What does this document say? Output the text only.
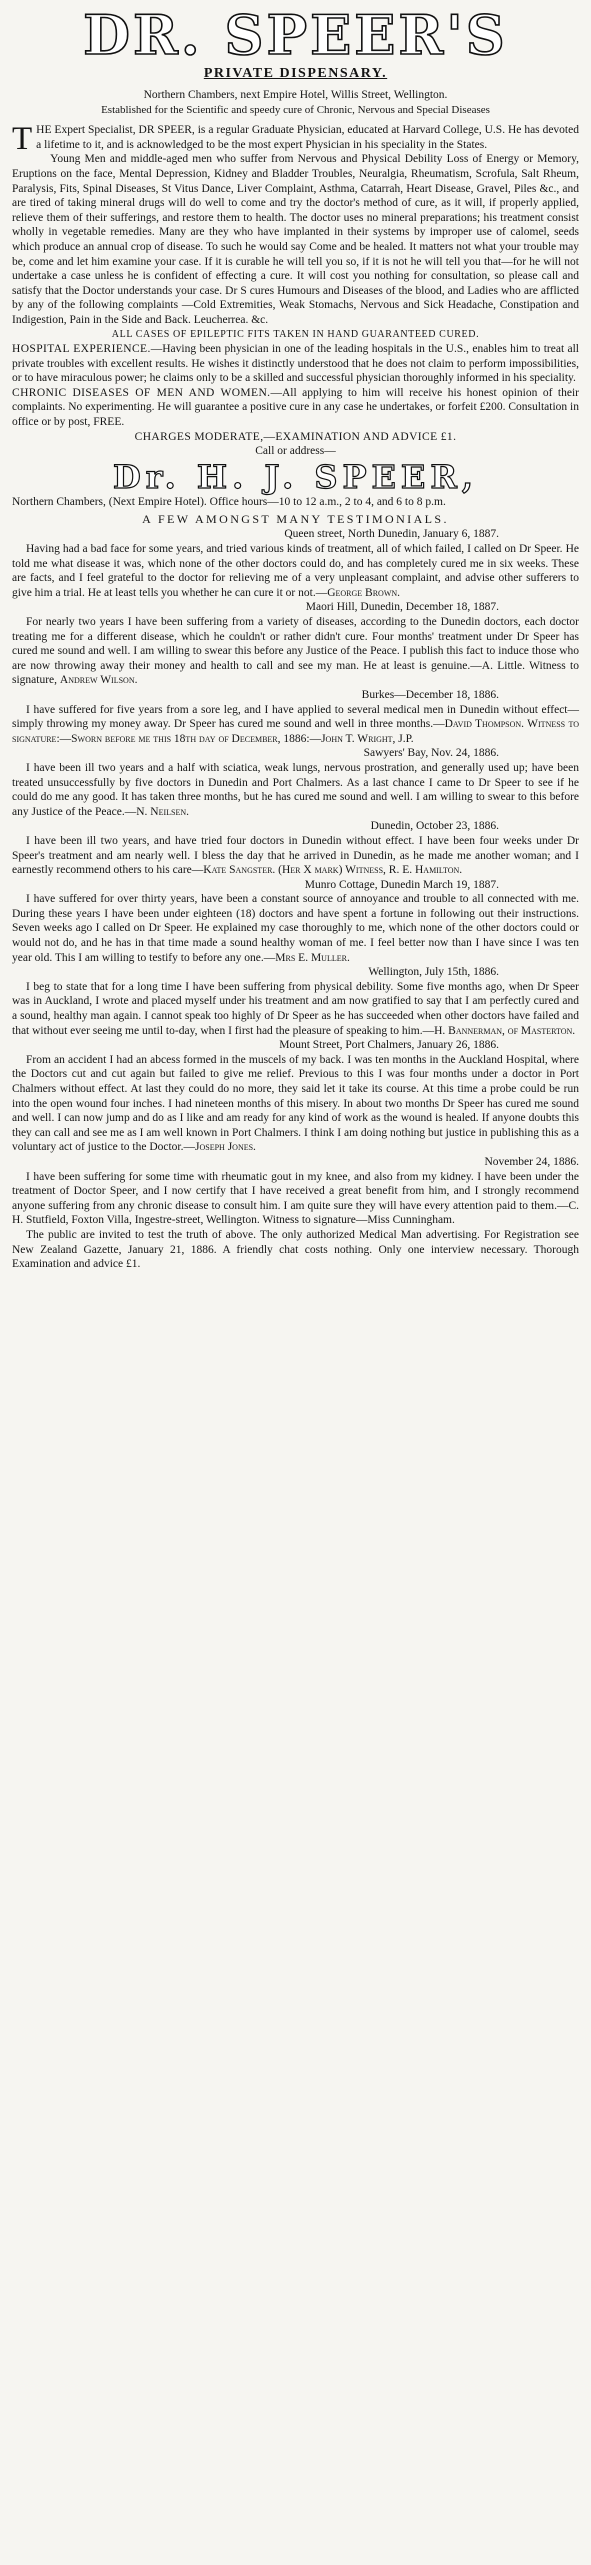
DR. SPEER'S
PRIVATE DISPENSARY.

Northern Chambers, next Empire Hotel, Willis Street, Wellington.

Established for the Scientific and speedy cure of Chronic, Nervous and Special Diseases

THE Expert Specialist, DR SPEER, is a regular Graduate Physician, educated at Harvard College, U.S. He has devoted a lifetime to it, and is acknowledged to be the most expert Physician in his speciality in the States.

Young Men and middle-aged men who suffer from Nervous and Physical Debility Loss of Energy or Memory, Eruptions on the face, Mental Depression, Kidney and Bladder Troubles, Neuralgia, Rheumatism, Scrofula, Salt Rheum, Paralysis, Fits, Spinal Diseases, St Vitus Dance, Liver Complaint, Asthma, Catarrah, Heart Disease, Gravel, Piles &c., and are tired of taking mineral drugs will do well to come and try the doctor's method of cure, as it will, if properly applied, relieve them of their sufferings, and restore them to health. The doctor uses no mineral preparations; his treatment consist wholly in vegetable remedies. Many are they who have implanted in their systems by improper use of calomel, seeds which produce an annual crop of disease. To such he would say Come and be healed. It matters not what your trouble may be, come and let him examine your case. If it is curable he will tell you so, if it is not he will tell you that—for he will not undertake a case unless he is confident of effecting a cure. It will cost you nothing for consultation, so please call and satisfy that the Doctor understands your case. Dr S cures Humours and Diseases of the blood, and Ladies who are afflicted by any of the following complaints —Cold Extremities, Weak Stomachs, Nervous and Sick Headache, Constipation and Indigestion, Pain in the Side and Back. Leucherrea. &c.

ALL CASES OF EPILEPTIC FITS TAKEN IN HAND GUARANTEED CURED.

HOSPITAL EXPERIENCE.—Having been physician in one of the leading hospitals in the U.S., enables him to treat all private troubles with excellent results. He wishes it distinctly understood that he does not claim to perform impossibilities, or to have miraculous power; he claims only to be a skilled and successful physician thoroughly informed in his speciality.

CHRONIC DISEASES OF MEN AND WOMEN.—All applying to him will receive his honest opinion of their complaints. No experimenting. He will guarantee a positive cure in any case he undertakes, or forfeit £200. Consultation in office or by post, FREE.

CHARGES MODERATE,—EXAMINATION AND ADVICE £1.

Call or address—

Dr. H. J. SPEER,

Northern Chambers, (Next Empire Hotel). Office hours—10 to 12 a.m., 2 to 4, and 6 to 8 p.m.

A FEW AMONGST MANY TESTIMONIALS.

Queen street, North Dunedin, January 6, 1887.

Having had a bad face for some years, and tried various kinds of treatment, all of which failed, I called on Dr Speer. He told me what disease it was, which none of the other doctors could do, and has completely cured me in six weeks. These are facts, and I feel grateful to the doctor for relieving me of a very unpleasant complaint, and advise other sufferers to give him a trial. He at least tells you whether he can cure it or not.—George Brown.

Maori Hill, Dunedin, December 18, 1887.

For nearly two years I have been suffering from a variety of diseases, according to the Dunedin doctors, each doctor treating me for a different disease, which he couldn't or rather didn't cure. Four months' treatment under Dr Speer has cured me sound and well. I am willing to swear this before any Justice of the Peace. I publish this fact to induce those who are now throwing away their money and health to call and see my man. He at least is genuine.—A. Little. Witness to signature, Andrew Wilson.

Burkes—December 18, 1886.

I have suffered for five years from a sore leg, and I have applied to several medical men in Dunedin without effect—simply throwing my money away. Dr Speer has cured me sound and well in three months.—David Thompson. Witness to signature:—Sworn before me this 18th day of December, 1886:—John T. Wright, J.P.

Sawyers' Bay, Nov. 24, 1886.

I have been ill two years and a half with sciatica, weak lungs, nervous prostration, and generally used up; have been treated unsuccessfully by five doctors in Dunedin and Port Chalmers. As a last chance I came to Dr Speer to see if he could do me any good. It has taken three months, but he has cured me sound and well. I am willing to swear to this before any Justice of the Peace.—N. Neilsen.

Dunedin, October 23, 1886.

I have been ill two years, and have tried four doctors in Dunedin without effect. I have been four weeks under Dr Speer's treatment and am nearly well. I bless the day that he arrived in Dunedin, as he made me another woman; and I earnestly recommend others to his care—Kate Sangster. (Her X mark) Witness, R. E. Hamilton.

Munro Cottage, Dunedin March 19, 1887.

I have suffered for over thirty years, have been a constant source of annoyance and trouble to all connected with me. During these years I have been under eighteen (18) doctors and have spent a fortune in following out their instructions. Seven weeks ago I called on Dr Speer. He explained my case thoroughly to me, which none of the other doctors could or would not do, and he has in that time made a sound healthy woman of me. I feel better now than I have since I was ten year old. This I am willing to testify to before any one.—Mrs E. Muller.

Wellington, July 15th, 1886.

I beg to state that for a long time I have been suffering from physical debility. Some five months ago, when Dr Speer was in Auckland, I wrote and placed myself under his treatment and am now gratified to say that I am perfectly cured and a sound, healthy man again. I cannot speak too highly of Dr Speer as he has succeeded when other doctors have failed and that without ever seeing me until to-day, when I first had the pleasure of speaking to him.—H. Bannerman, of Masterton.

Mount Street, Port Chalmers, January 26, 1886.

From an accident I had an abcess formed in the muscels of my back. I was ten months in the Auckland Hospital, where the Doctors cut and cut again but failed to give me relief. Previous to this I was four months under a doctor in Port Chalmers without effect. At last they could do no more, they said let it take its course. At this time a probe could be run into the open wound four inches. I had nineteen months of this misery. In about two months Dr Speer has cured me sound and well. I can now jump and do as I like and am ready for any kind of work as the wound is healed. If anyone doubts this they can call and see me as I am well known in Port Chalmers. I think I am doing nothing but justice in publishing this as a voluntary act of justice to the Doctor.—Joseph Jones.

November 24, 1886.

I have been suffering for some time with rheumatic gout in my knee, and also from my kidney. I have been under the treatment of Doctor Speer, and I now certify that I have received a great benefit from him, and I strongly recommend anyone suffering from any chronic disease to consult him. I am quite sure they will have every attention paid to them.—C. H. Stutfield, Foxton Villa, Ingestre-street, Wellington. Witness to signature—Miss Cunningham.

The public are invited to test the truth of above. The only authorized Medical Man advertising. For Registration see New Zealand Gazette, January 21, 1886. A friendly chat costs nothing. Only one interview necessary. Thorough Examination and advice £1.
